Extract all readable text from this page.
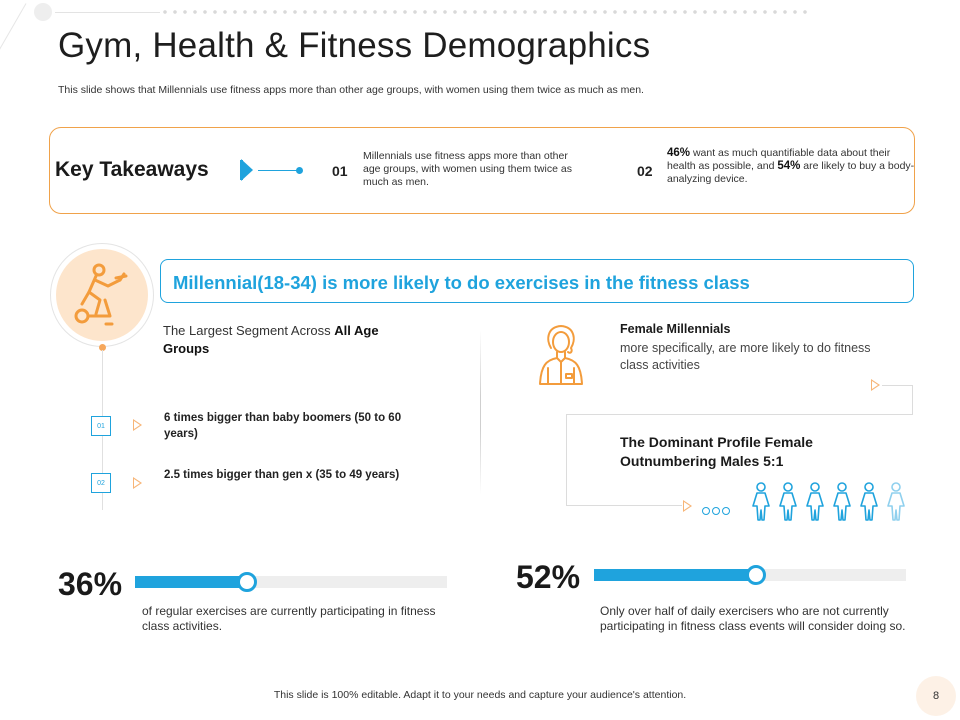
Gym, Health & Fitness Demographics

This slide shows that Millennials use fitness apps more than other age groups, with women using them twice as much as men.

Key Takeaways	01
Millennials use fitness apps more than other age groups, with women using them twice as much as men.
02
46% want as much quantifiable data about their health as possible, and 54% are likely to buy a body-analyzing device.
Millennial(18-34) is more likely to do exercises in the fitness class
The Largest Segment Across All Age Groups
01
6 times bigger than baby boomers (50 to 60 years)
02
2.5 times bigger than gen x (35 to 49 years)
Female Millennials
more specifically, are more likely to do fitness class activities
The Dominant Profile Female Outnumbering Males 5:1
36%
of regular exercises are currently participating in fitness class activities.
52%
Only over half of daily exercisers who are not currently participating in fitness class events will consider doing so.
This slide is 100% editable. Adapt it to your needs and capture your audience's attention.	8
